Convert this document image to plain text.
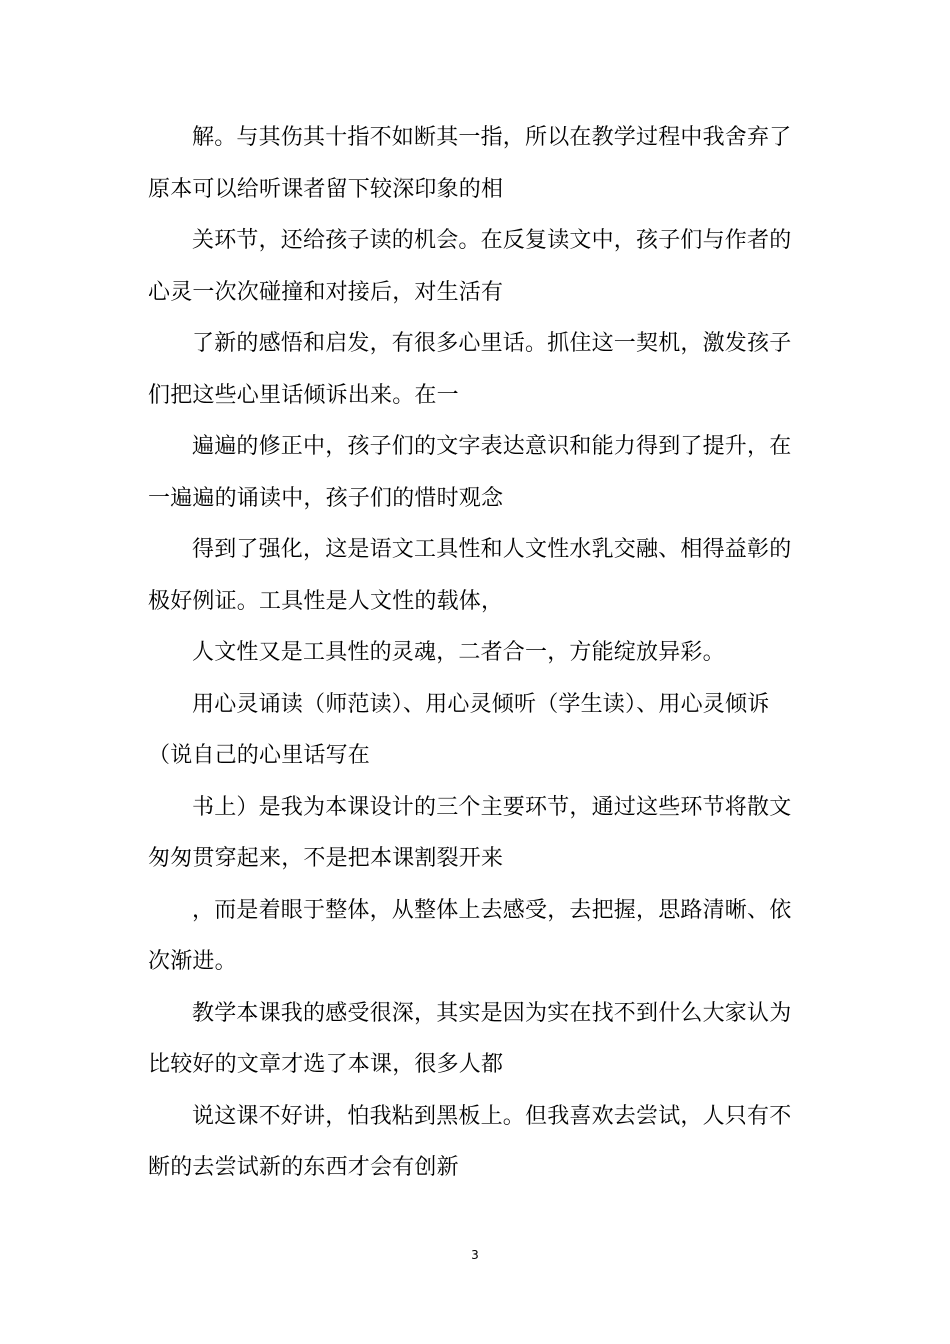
解。与其伤其十指不如断其一指，所以在教学过程中我舍弃了
原本可以给听课者留下较深印象的相
关环节，还给孩子读的机会。在反复读文中，孩子们与作者的
心灵一次次碰撞和对接后，对生活有
了新的感悟和启发，有很多心里话。抓住这一契机，激发孩子
们把这些心里话倾诉出来。在一
遍遍的修正中，孩子们的文字表达意识和能力得到了提升，在
一遍遍的诵读中，孩子们的惜时观念
得到了强化，这是语文工具性和人文性水乳交融、相得益彰的
极好例证。工具性是人文性的载体，
人文性又是工具性的灵魂，二者合一，方能绽放异彩。
用心灵诵读（师范读）、用心灵倾听（学生读）、用心灵倾诉
（说自己的心里话写在
书上）是我为本课设计的三个主要环节，通过这些环节将散文
匆匆贯穿起来，不是把本课割裂开来
，而是着眼于整体，从整体上去感受，去把握，思路清晰、依
次渐进。
教学本课我的感受很深，其实是因为实在找不到什么大家认为
比较好的文章才选了本课，很多人都
说这课不好讲，怕我粘到黑板上。但我喜欢去尝试，人只有不
断的去尝试新的东西才会有创新
3
